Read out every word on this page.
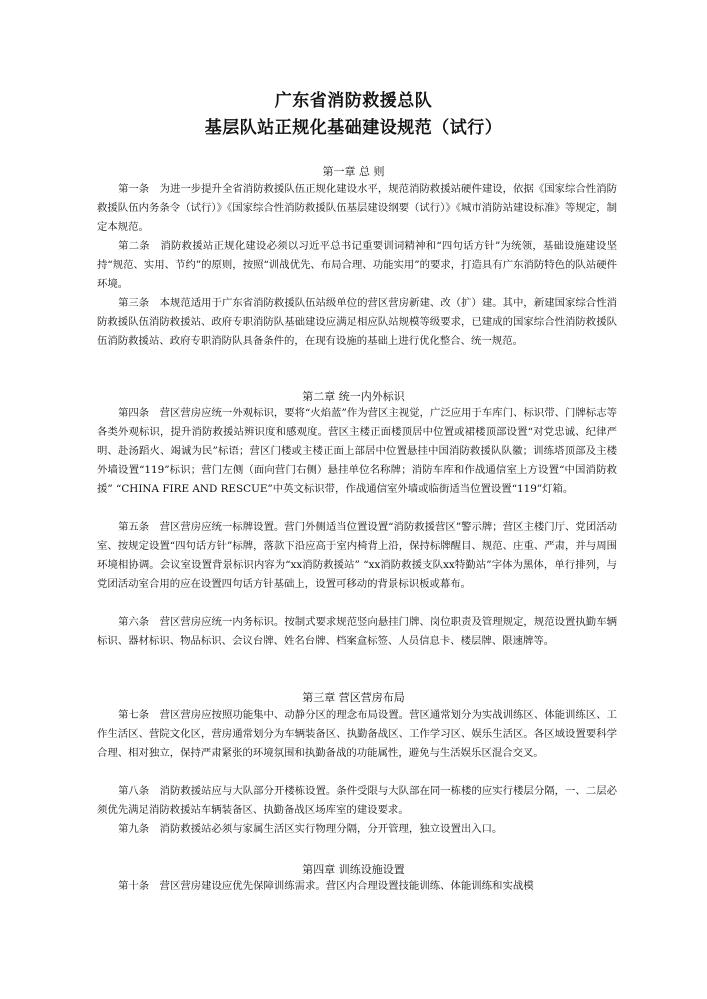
广东省消防救援总队
基层队站正规化基础建设规范（试行）
第一章 总 则

第一条　为进一步提升全省消防救援队伍正规化建设水平，规范消防救援站硬件建设，依据《国家综合性消防救援队伍内务条令（试行）》《国家综合性消防救援队伍基层建设纲要（试行）》《城市消防站建设标准》等规定，制定本规范。

第二条　消防救援站正规化建设必须以习近平总书记重要训词精神和“四句话方针”为统领，基础设施建设坚持“规范、实用、节约”的原则，按照“训战优先、布局合理、功能实用”的要求，打造具有广东消防特色的队站硬件环境。

第三条　本规范适用于广东省消防救援队伍站级单位的营区营房新建、改（扩）建。其中，新建国家综合性消防救援队伍消防救援站、政府专职消防队基础建设应满足相应队站规模等级要求，已建成的国家综合性消防救援队伍消防救援站、政府专职消防队具备条件的，在现有设施的基础上进行优化整合、统一规范。

第二章 统一内外标识

第四条　营区营房应统一外观标识，要将“火焰蓝”作为营区主视觉，广泛应用于车库门、标识带、门牌标志等各类外观标识，提升消防救援站辨识度和感观度。营区主楼正面楼顶居中位置或裙楼顶部设置“对党忠诚、纪律严明、赴汤蹈火、竭诚为民”标语；营区门楼或主楼正面上部居中位置悬挂中国消防救援队队徽；训练塔顶部及主楼外墙设置“119”标识；营门左侧（面向营门右侧）悬挂单位名称牌；消防车库和作战通信室上方设置“中国消防救援” “CHINA FIRE AND RESCUE”中英文标识带，作战通信室外墙或临街适当位置设置“119”灯箱。

第五条　营区营房应统一标牌设置。营门外侧适当位置设置“消防救援营区”警示牌；营区主楼门厅、党团活动室、按规定设置“四句话方针”标牌，落款下沿应高于室内椅背上沿，保持标牌醒目、规范、庄重、严肃，并与周围环境相协调。会议室设置背景标识内容为“xx消防救援站” “xx消防救援支队xx特勤站”字体为黑体，单行排列，与党团活动室合用的应在设置四句话方针基础上，设置可移动的背景标识板或幕布。

第六条　营区营房应统一内务标识。按制式要求规范竖向悬挂门牌、岗位职责及管理规定，规范设置执勤车辆标识、器材标识、物品标识、会议台牌、姓名台牌、档案盒标签、人员信息卡、楼层牌、限速牌等。

第三章 营区营房布局

第七条　营区营房应按照功能集中、动静分区的理念布局设置。营区通常划分为实战训练区、体能训练区、工作生活区、营院文化区，营房通常划分为车辆装备区、执勤备战区、工作学习区、娱乐生活区。各区域设置要科学合理、相对独立，保持严肃紧张的环境氛围和执勤备战的功能属性，避免与生活娱乐区混合交叉。

第八条　消防救援站应与大队部分开楼栋设置。条件受限与大队部在同一栋楼的应实行楼层分隔，一、二层必须优先满足消防救援站车辆装备区、执勤备战区场库室的建设要求。

第九条　消防救援站必须与家属生活区实行物理分隔，分开管理，独立设置出入口。

第四章 训练设施设置

第十条　营区营房建设应优先保障训练需求。营区内合理设置技能训练、体能训练和实战模
